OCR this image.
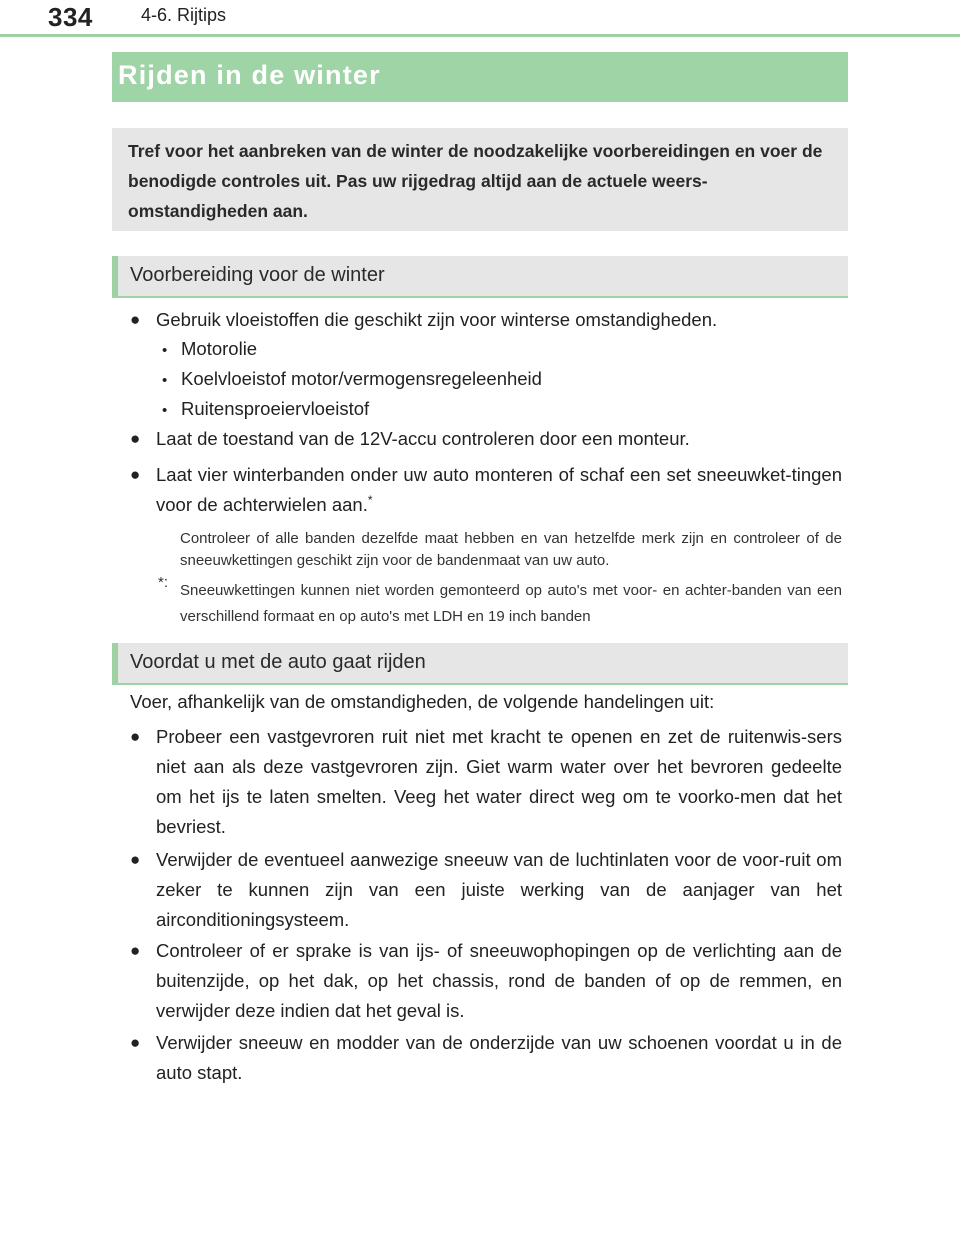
334	4-6. Rijtips
Rijden in de winter
Tref voor het aanbreken van de winter de noodzakelijke voorbereidingen en voer de benodigde controles uit. Pas uw rijgedrag altijd aan de actuele weers-omstandigheden aan.
Voorbereiding voor de winter
● Gebruik vloeistoffen die geschikt zijn voor winterse omstandigheden.
• Motorolie
• Koelvloeistof motor/vermogensregeleenheid
• Ruitensproeiervloeistof
● Laat de toestand van de 12V-accu controleren door een monteur.
● Laat vier winterbanden onder uw auto monteren of schaf een set sneeuwket-tingen voor de achterwielen aan.*
Controleer of alle banden dezelfde maat hebben en van hetzelfde merk zijn en controleer of de sneeuwkettingen geschikt zijn voor de bandenmaat van uw auto.
*: Sneeuwkettingen kunnen niet worden gemonteerd op auto's met voor- en achter-banden van een verschillend formaat en op auto's met LDH en 19 inch banden
Voordat u met de auto gaat rijden
Voer, afhankelijk van de omstandigheden, de volgende handelingen uit:
● Probeer een vastgevroren ruit niet met kracht te openen en zet de ruitenwis-sers niet aan als deze vastgevroren zijn. Giet warm water over het bevroren gedeelte om het ijs te laten smelten. Veeg het water direct weg om te voorko-men dat het bevriest.
● Verwijder de eventueel aanwezige sneeuw van de luchtinlaten voor de voor-ruit om zeker te kunnen zijn van een juiste werking van de aanjager van het airconditioningsysteem.
● Controleer of er sprake is van ijs- of sneeuwophopingen op de verlichting aan de buitenzijde, op het dak, op het chassis, rond de banden of op de remmen, en verwijder deze indien dat het geval is.
● Verwijder sneeuw en modder van de onderzijde van uw schoenen voordat u in de auto stapt.
